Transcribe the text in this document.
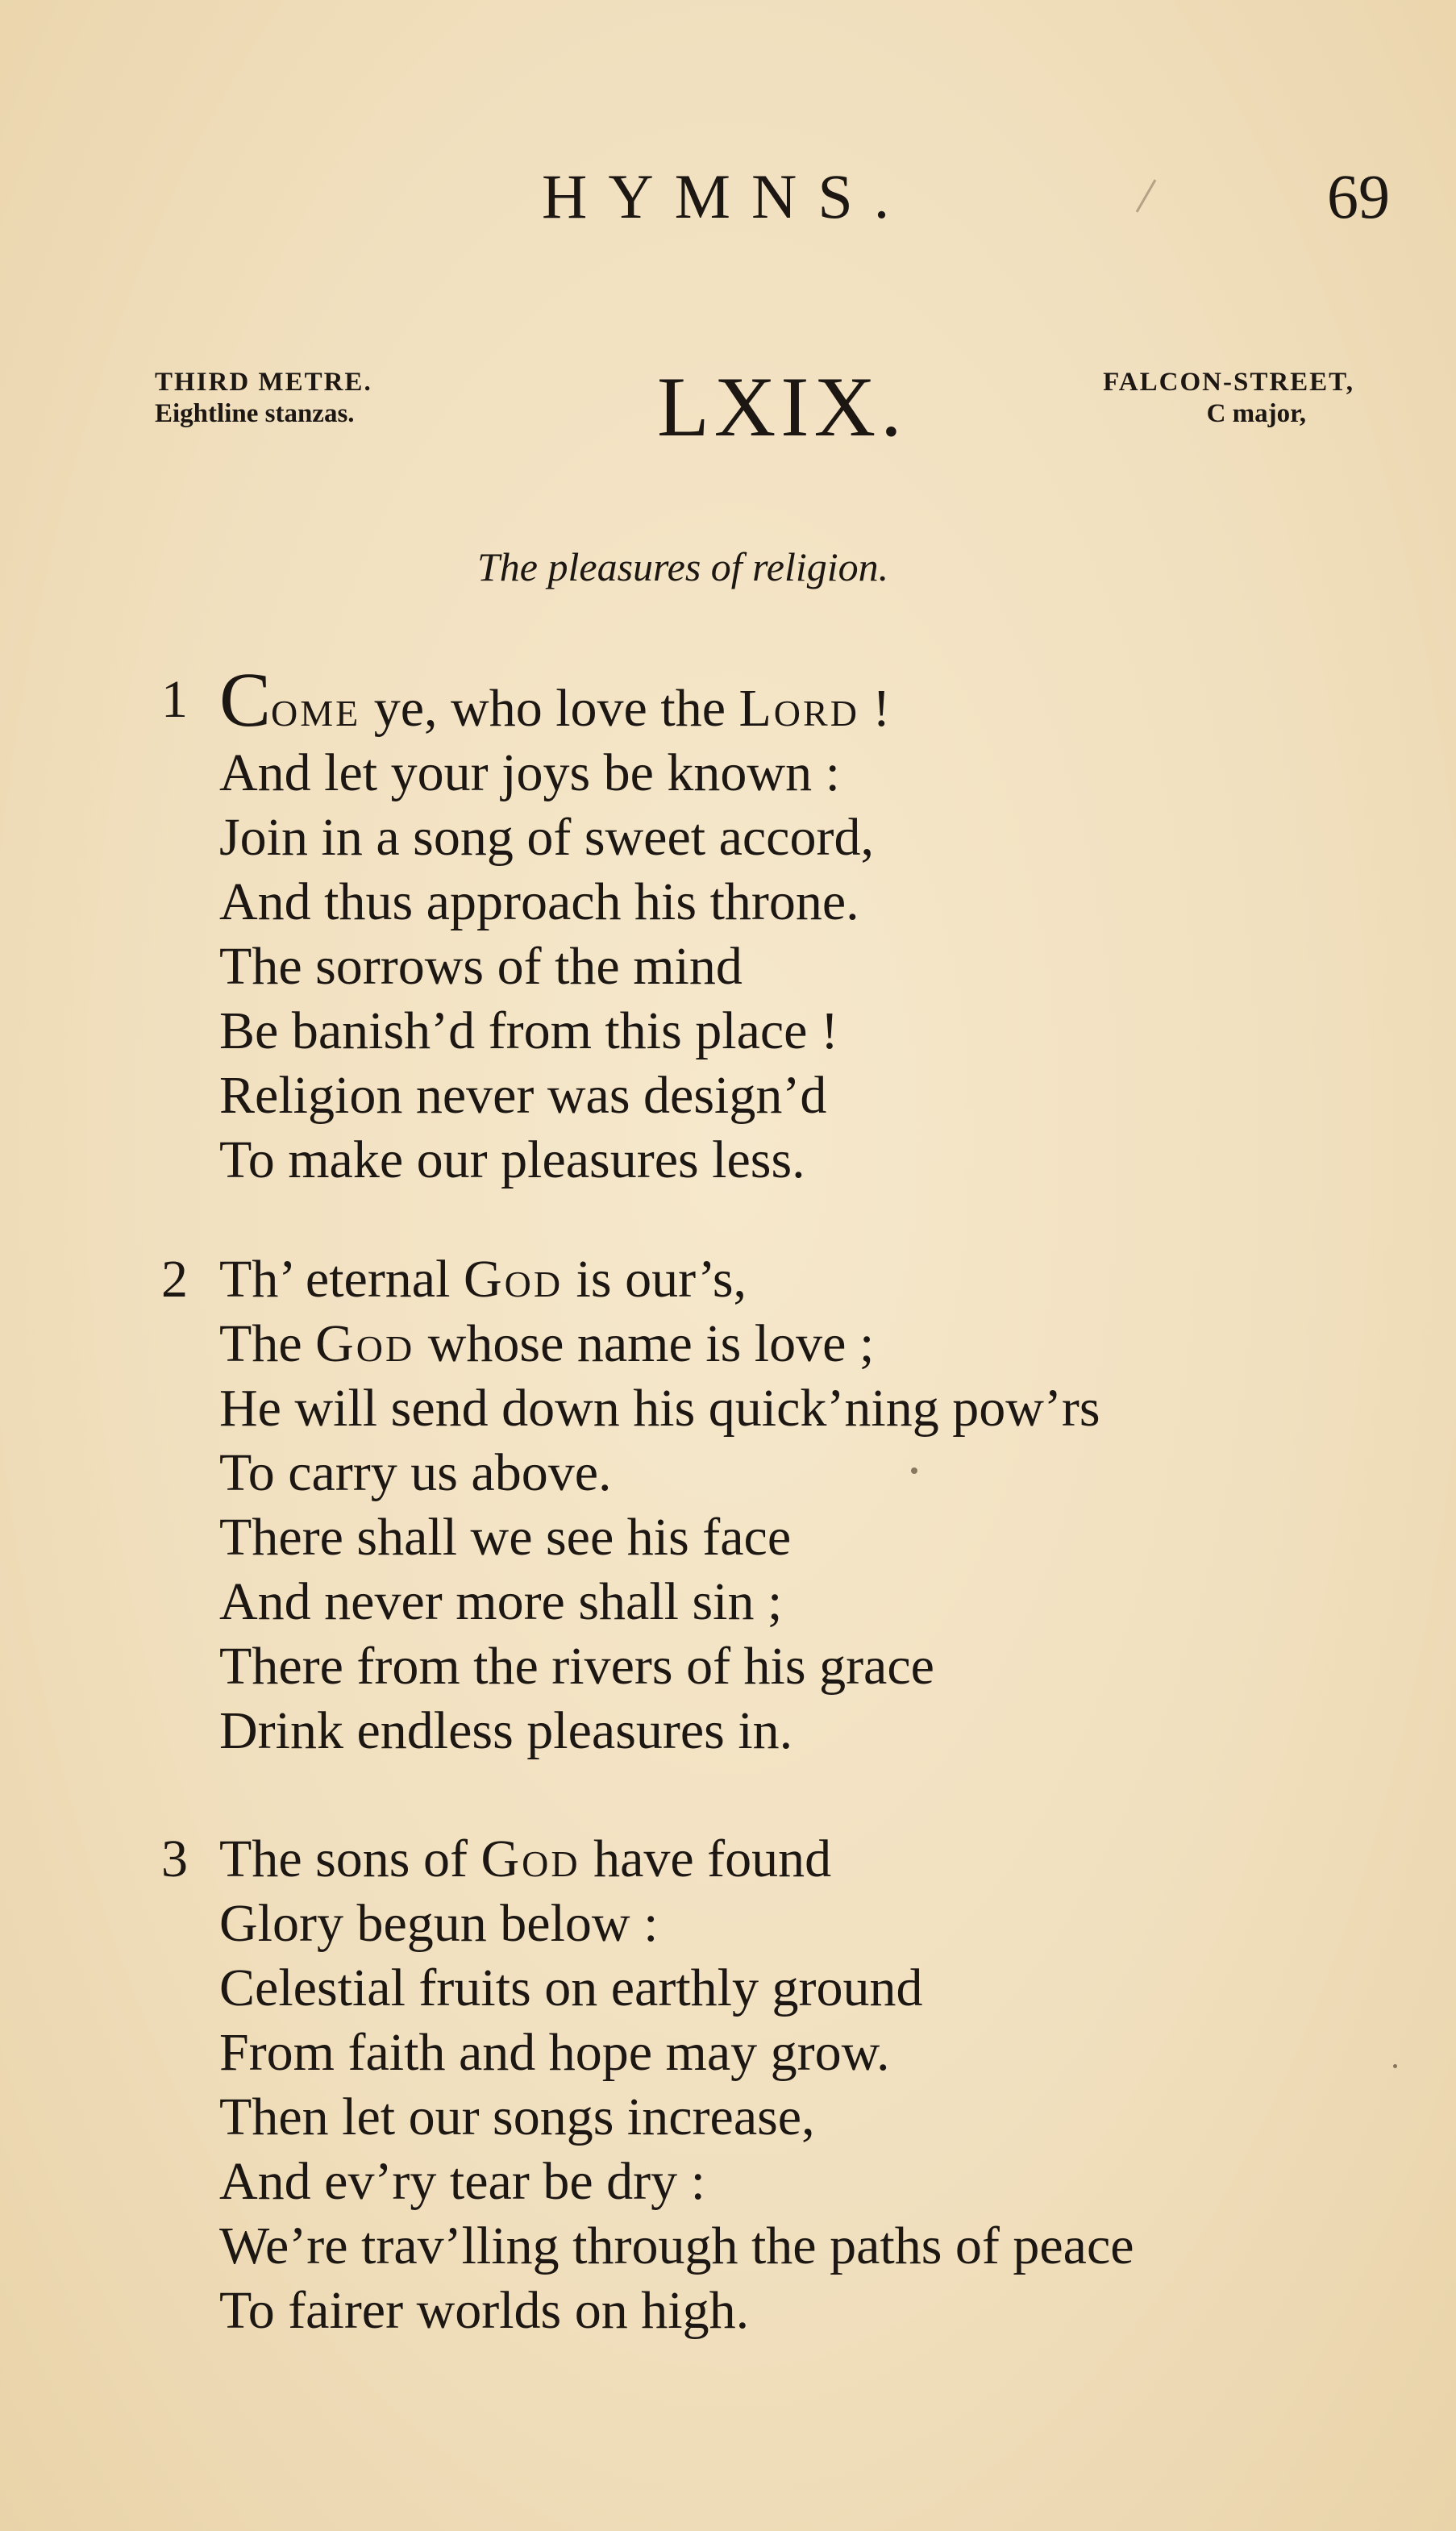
HYMNS.	69
THIRD METRE.
Eightline stanzas.	LXIX.	FALCON-STREET,
C major,
The pleasures of religion.
1 Come ye, who love the Lord !
And let your joys be known :
Join in a song of sweet accord,
And thus approach his throne.
The sorrows of the mind
Be banish’d from this place !
Religion never was design’d
To make our pleasures less.
2 Th’ eternal God is our’s,
The God whose name is love ;
He will send down his quick’ning pow’rs
To carry us above.
There shall we see his face
And never more shall sin ;
There from the rivers of his grace
Drink endless pleasures in.
3 The sons of God have found
Glory begun below :
Celestial fruits on earthly ground
From faith and hope may grow.
Then let our songs increase,
And ev’ry tear be dry :
We’re trav’lling through the paths of peace
To fairer worlds on high.
